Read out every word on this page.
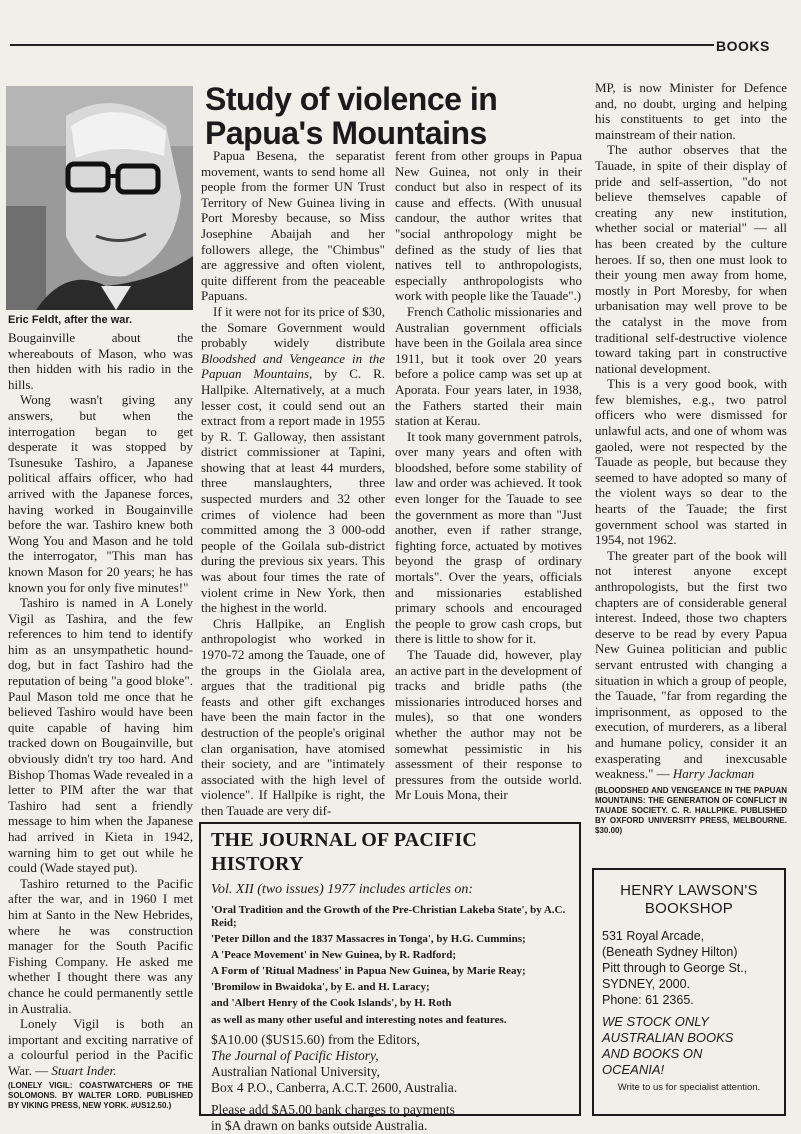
BOOKS
Eric Feldt, after the war.
Study of violence in Papua's Mountains

Bougainville about the whereabouts of Mason, who was then hidden with his radio in the hills.

Wong wasn't giving any answers, but when the interrogation began to get desperate it was stopped by Tsunesuke Tashiro, a Japanese political affairs officer, who had arrived with the Japanese forces, having worked in Bougainville before the war. Tashiro knew both Wong You and Mason and he told the interrogator, "This man has known Mason for 20 years; he has known you for only five minutes!"

Tashiro is named in A Lonely Vigil as Tashira, and the few references to him tend to identify him as an unsympathetic hound-dog, but in fact Tashiro had the reputation of being "a good bloke". Paul Mason told me once that he believed Tashiro would have been quite capable of having him tracked down on Bougainville, but obviously didn't try too hard. And Bishop Thomas Wade revealed in a letter to PIM after the war that Tashiro had sent a friendly message to him when the Japanese had arrived in Kieta in 1942, warning him to get out while he could (Wade stayed put).

Tashiro returned to the Pacific after the war, and in 1960 I met him at Santo in the New Hebrides, where he was construction manager for the South Pacific Fishing Company. He asked me whether I thought there was any chance he could permanently settle in Australia.

Lonely Vigil is both an important and exciting narrative of a colourful period in the Pacific War. — Stuart Inder.

(LONELY VIGIL: COASTWATCHERS OF THE SOLOMONS. BY WALTER LORD. PUBLISHED BY VIKING PRESS, NEW YORK. #US12.50.)

Papua Besena, the separatist movement, wants to send home all people from the former UN Trust Territory of New Guinea living in Port Moresby because, so Miss Josephine Abaijah and her followers allege, the "Chimbus" are aggressive and often violent, quite different from the peaceable Papuans.

If it were not for its price of $30, the Somare Government would probably widely distribute Bloodshed and Vengeance in the Papuan Mountains, by C. R. Hallpike. Alternatively, at a much lesser cost, it could send out an extract from a report made in 1955 by R. T. Galloway, then assistant district commissioner at Tapini, showing that at least 44 murders, three manslaughters, three suspected murders and 32 other crimes of violence had been committed among the 3 000-odd people of the Goilala sub-district during the previous six years. This was about four times the rate of violent crime in New York, then the highest in the world.

Chris Hallpike, an English anthropologist who worked in 1970-72 among the Tauade, one of the groups in the Giolala area, argues that the traditional pig feasts and other gift exchanges have been the main factor in the destruction of the people's original clan organisation, have atomised their society, and are "intimately associated with the high level of violence". If Hallpike is right, the then Tauade are very dif-

ferent from other groups in Papua New Guinea, not only in their conduct but also in respect of its cause and effects. (With unusual candour, the author writes that "social anthropology might be defined as the study of lies that natives tell to anthropologists, especially anthropologists who work with people like the Tauade".)

French Catholic missionaries and Australian government officials have been in the Goilala area since 1911, but it took over 20 years before a police camp was set up at Aporata. Four years later, in 1938, the Fathers started their main station at Kerau.

It took many government patrols, over many years and often with bloodshed, before some stability of law and order was achieved. It took even longer for the Tauade to see the government as more than "Just another, even if rather strange, fighting force, actuated by motives beyond the grasp of ordinary mortals". Over the years, officials and missionaries established primary schools and encouraged the people to grow cash crops, but there is little to show for it.

The Tauade did, however, play an active part in the development of tracks and bridle paths (the missionaries introduced horses and mules), so that one wonders whether the author may not be somewhat pessimistic in his assessment of their response to pressures from the outside world. Mr Louis Mona, their

MP, is now Minister for Defence and, no doubt, urging and helping his constituents to get into the mainstream of their nation.

The author observes that the Tauade, in spite of their display of pride and self-assertion, "do not believe themselves capable of creating any new institution, whether social or material" — all has been created by the culture heroes. If so, then one must look to their young men away from home, mostly in Port Moresby, for when urbanisation may well prove to be the catalyst in the move from traditional self-destructive violence toward taking part in constructive national development.

This is a very good book, with few blemishes, e.g., two patrol officers who were dismissed for unlawful acts, and one of whom was gaoled, were not respected by the Tauade as people, but because they seemed to have adopted so many of the violent ways so dear to the hearts of the Tauade; the first government school was started in 1954, not 1962.

The greater part of the book will not interest anyone except anthropologists, but the first two chapters are of considerable general interest. Indeed, those two chapters deserve to be read by every Papua New Guinea politician and public servant entrusted with changing a situation in which a group of people, the Tauade, "far from regarding the imprisonment, as opposed to the execution, of murderers, as a liberal and humane policy, consider it an exasperating and inexcusable weakness." — Harry Jackman

(BLOODSHED AND VENGEANCE IN THE PAPUAN MOUNTAINS: THE GENERATION OF CONFLICT IN TAUADE SOCIETY. C. R. HALLPIKE. PUBLISHED BY OXFORD UNIVERSITY PRESS, MELBOURNE. $30.00)
THE JOURNAL OF PACIFIC HISTORY

Vol. XII (two issues) 1977 includes articles on:

'Oral Tradition and the Growth of the Pre-Christian Lakeba State', by A.C. Reid;
'Peter Dillon and the 1837 Massacres in Tonga', by H.G. Cummins;
A 'Peace Movement' in New Guinea, by R. Radford;
A Form of 'Ritual Madness' in Papua New Guinea, by Marie Reay;
'Bromilow in Bwaidoka', by E. and H. Laracy;
and 'Albert Henry of the Cook Islands', by H. Roth

as well as many other useful and interesting notes and features.

$A10.00 ($US15.60) from the Editors,
The Journal of Pacific History,
Australian National University,
Box 4 P.O., Canberra, A.C.T. 2600, Australia.

Please add $A5.00 bank charges to payments
in $A drawn on banks outside Australia.

HENRY LAWSON'S
BOOKSHOP

531 Royal Arcade,
(Beneath Sydney Hilton)
Pitt through to George St.,
SYDNEY, 2000.
Phone: 61 2365.

WE STOCK ONLY
AUSTRALIAN BOOKS
AND BOOKS ON
OCEANIA!

Write to us for specialist attention.
